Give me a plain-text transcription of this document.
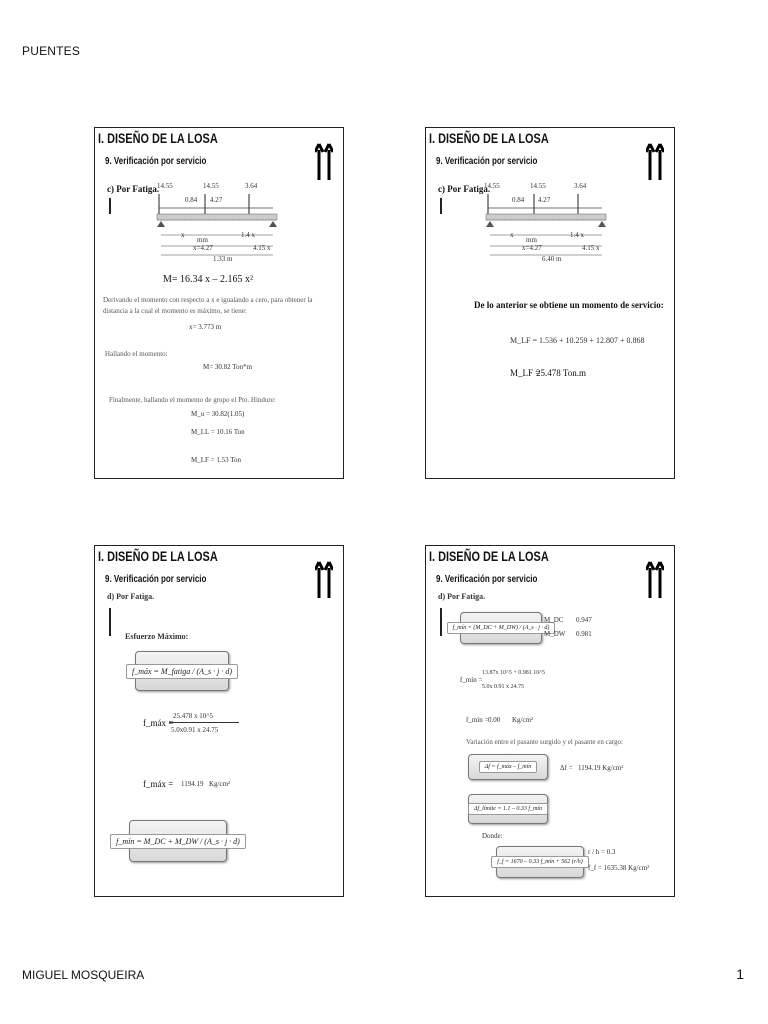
PUENTES
I. DISEÑO DE LA LOSA
9. Verificación por servicio
c) Por Fatiga.
14.55	14.55	3.64
0.84 4.27
x
mm
1.4 x
x=4.27	4.15 x
1.33 m
M= 16.34 x – 2.165 x²
Derivando el momento con respecto a x e igualando a cero, para obtener la distancia a la cual el momento es máximo, se tiene:
x= 3.773 m
Hallando el momento:
M= 30.82 Ton*m
Finalmente, hallando el momento de grupo el Pto. Hindure:
M_u = 30.82(1.05)
M_LL = 10.16 Ton
M_LF = 1.53 Ton
I. DISEÑO DE LA LOSA
9. Verificación por servicio
c) Por Fatiga.
14.55	14.55	3.64
0.84 4.27
x
mm
1.4 x
x=4.27	4.15 x
6.40 m
De lo anterior se obtiene un momento de servicio:
M_LF = 1.536 + 10.259 + 12.807 + 0.868
M_LF =
25.478 Ton.m
I. DISEÑO DE LA LOSA
9. Verificación por servicio
d) Por Fatiga.
Esfuerzo Máximo:
f_máx = M_fatiga / (A_s · j · d)
f_máx =
25.478 x 10^5
5.0x0.91 x 24.75
f_máx = 1194.19 Kg/cm²
f_mín = M_DC + M_DW / (A_s · j · d)
I. DISEÑO DE LA LOSA
9. Verificación por servicio
d) Por Fatiga.
f_mín = (M_DC + M_DW) / (A_s · j · d)
M_DC 0.947
M_DW 0.981
f_mín =
13.87x 10^5 + 0.981 10^5
5.0x 0.91 x 24.75
f_mín = 0.00 Kg/cm²
Variación entre el pasante surgido y el pasante en cargo:
Δf = f_máx – f_mín	Δf = 1194.19 Kg/cm²
Δf_límite = 1.1 – 0.33 f_mín
Donde:
f_f = 1670 – 0.33 f_mín + 562 (r/h)
r / h = 0.3
f_f = 1635.38 Kg/cm²
MIGUEL MOSQUEIRA	1
